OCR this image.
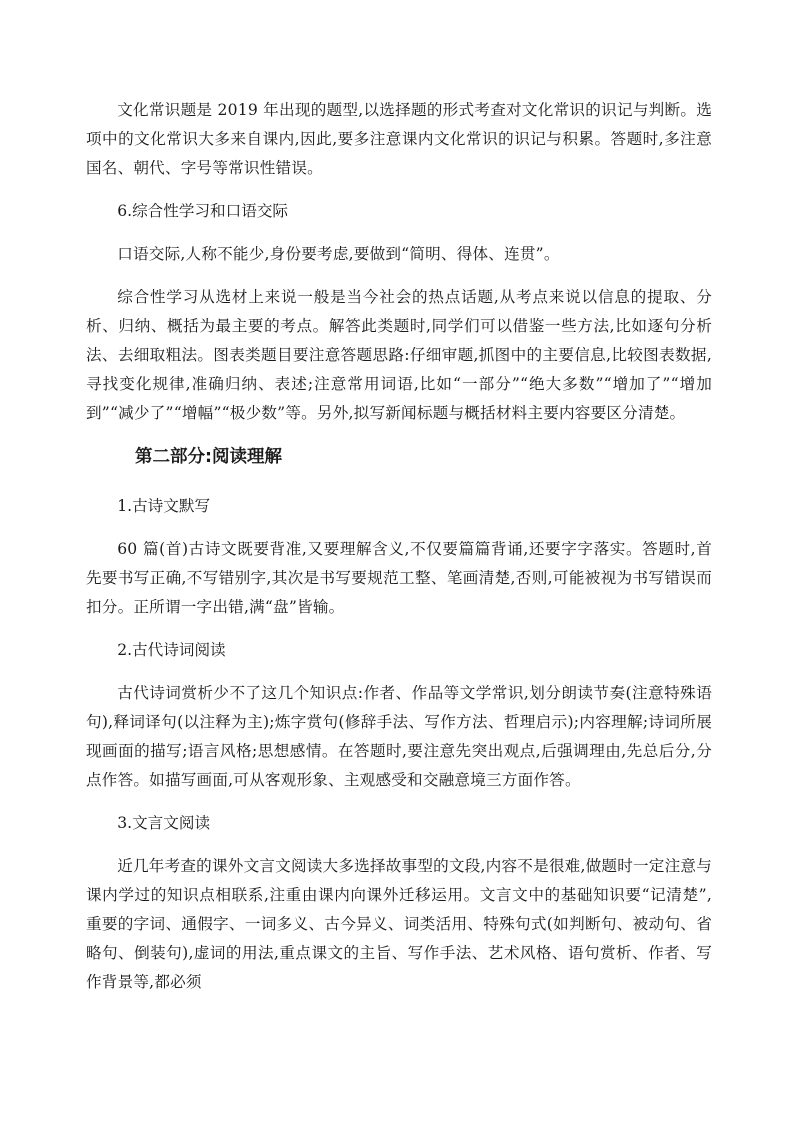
文化常识题是 2019 年出现的题型,以选择题的形式考查对文化常识的识记与判断。选项中的文化常识大多来自课内,因此,要多注意课内文化常识的识记与积累。答题时,多注意国名、朝代、字号等常识性错误。

6.综合性学习和口语交际

口语交际,人称不能少,身份要考虑,要做到“简明、得体、连贯”。

综合性学习从选材上来说一般是当今社会的热点话题,从考点来说以信息的提取、分析、归纳、概括为最主要的考点。解答此类题时,同学们可以借鉴一些方法,比如逐句分析法、去细取粗法。图表类题目要注意答题思路:仔细审题,抓图中的主要信息,比较图表数据,寻找变化规律,准确归纳、表述;注意常用词语,比如“一部分”“绝大多数”“增加了”“增加到”“减少了”“增幅”“极少数”等。另外,拟写新闻标题与概括材料主要内容要区分清楚。

第二部分:阅读理解

1.古诗文默写

60 篇(首)古诗文既要背准,又要理解含义,不仅要篇篇背诵,还要字字落实。答题时,首先要书写正确,不写错别字,其次是书写要规范工整、笔画清楚,否则,可能被视为书写错误而扣分。正所谓一字出错,满“盘”皆输。

2.古代诗词阅读

古代诗词赏析少不了这几个知识点:作者、作品等文学常识,划分朗读节奏(注意特殊语句),释词译句(以注释为主);炼字赏句(修辞手法、写作方法、哲理启示);内容理解;诗词所展现画面的描写;语言风格;思想感情。在答题时,要注意先突出观点,后强调理由,先总后分,分点作答。如描写画面,可从客观形象、主观感受和交融意境三方面作答。

3.文言文阅读

近几年考查的课外文言文阅读大多选择故事型的文段,内容不是很难,做题时一定注意与课内学过的知识点相联系,注重由课内向课外迁移运用。文言文中的基础知识要“记清楚”,重要的字词、通假字、一词多义、古今异义、词类活用、特殊句式(如判断句、被动句、省略句、倒装句),虚词的用法,重点课文的主旨、写作手法、艺术风格、语句赏析、作者、写作背景等,都必须
